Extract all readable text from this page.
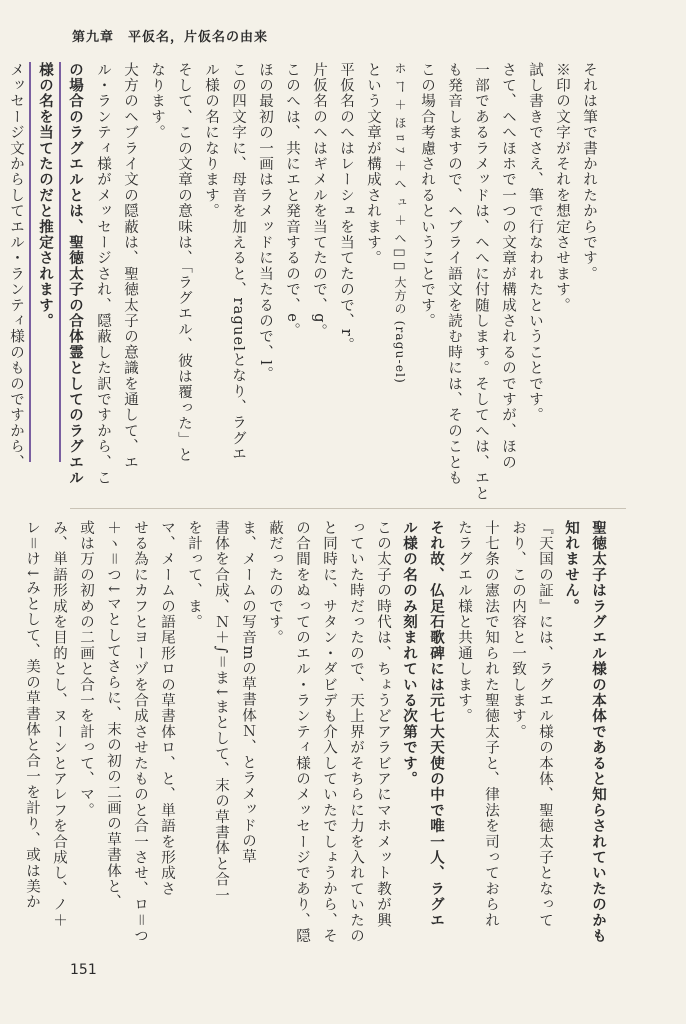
第九章　平仮名，片仮名の由来
それは筆で書かれたからです。
※印の文字がそれを想定させます。
試し書きでさえ、筆で行なわれたということです。
さて、ヘへほホで一つの文章が構成されるのですが、ほの
一部であるラメッドは、ヘへに付随します。そしてへは、エと
も発音しますので、ヘブライ語文を読む時には、そのことも
この場合考慮されるということです。
ホ ヿ ＋ ほ ﾛ ﾌ ＋ へ ュ ＋ へ ﾞ ＝ 大方の (ragu-el)
という文章が構成されます。
平仮名のへはレーシュを当てたので、r。
片仮名のヘはギメルを当てたので、g。
このへは、共にエと発音するので、e。
ほの最初の一画はラメッドに当たるので、l。
この四文字に、母音を加えると、raguelとなり、ラグエ
ル様の名になります。
そして、この文章の意味は、「ラグエル、彼は覆った」と
なります。
大方のヘブライ文の隠蔽は、聖徳太子の意識を通して、エ
ル・ランティ様がメッセージされ、隠蔽した訳ですから、こ
の場合のラグエルとは、聖徳太子の合体霊としてのラグエル
様の名を当てたのだと推定されます。
メッセージ文からしてエル・ランティ様のものですから、
聖徳太子はラグエル様の本体であると知らされていたのかも
知れません。
『天国の証』には、ラグエル様の本体、聖徳太子となって
おり、この内容と一致します。
十七条の憲法で知られた聖徳太子と、律法を司っておられ
たラグエル様と共通します。
それ故、仏足石歌碑には元七大天使の中で唯一人、ラグエ
ル様の名のみ刻まれている次第です。
この太子の時代は、ちょうどアラビアにマホメット教が興
っていた時だったので、天上界がそちらに力を入れていたの
と同時に、サタン・ダビデも介入していたでしょうから、そ
の合間をぬってのエル・ランティ様のメッセージであり、隠
蔽だったのです。
ま、メームの写音mの草書体Ｎ、とラメッドの草
書体を合成、Ｎ＋∫＝ま↓まとして、末の草書体と合一
を計って、ま。
マ、メームの語尾形ロの草書体ロ、と、単語を形成さ
せる為にカフとヨーヅを合成させたものと合一させ、ロ＝つ
＋ヽ＝つ↓マとしてさらに、末の初の二画の草書体と、
或は万の初めの二画と合一を計って、マ。
み、単語形成を目的とし、ヌーンとアレフを合成し、ノ＋
レ＝け↓みとして、美の草書体と合一を計り、或は美か
151
